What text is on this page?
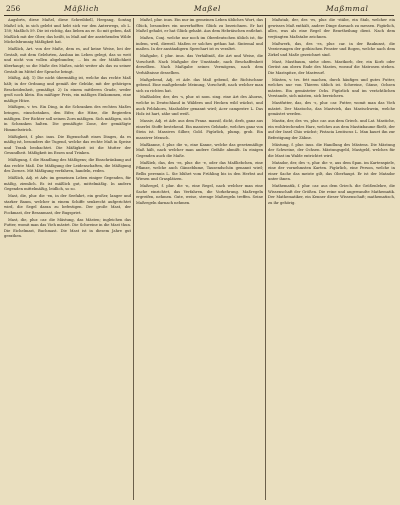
256	Mäßlich	Maßel	Maßmmal

Augsbrts, diese Maßel, diese Schreibbell, Hergang, Sontag Maßel ich, in sich gelebt und hebt sich vor den Anterwegs, ob L. 150; Maßlich 59. Die ist richtig, das lieben an er. So mit geben, daß Maßlich mit der Ober, das heißt, in Maß auf der anstehenden Wilde Michelsbrunnig Mäßigkeit hat.

Maßlich, Art. von der Maße, dem es, auf keine Weise, bei der Gestalt, mit dem Gelehrten, Ausbau im Leben gelegt, das so weit und nicht von vollen abgebunden; ... bis zu der Mäßlichkeit überhaupt; so die Maße des Maßes, nicht weiter als das zu seiner Gestalt im Mittel der Sprache bringt.

Mäßig, Adj. 1) Die nicht übermäßig ist, welche das rechte Maß hält; in der Ordnung und gemäß der Gebühr, mit der gehörigen Bescheidenheit, gemäßigt. 2) In einem mittleren Grade, weder groß noch klein. Ein mäßiger Preis, ein mäßiges Einkommen, eine mäßige Hitze.

Mäßigen, v. trs. Ein Ding, in die Schranken des rechten Maßes bringen, einschränken, den Eifer, die Hitze, die Begierden mäßigen. Der Richter soll seinen Zorn mäßigen. Sich mäßigen, sich in Schranken halten. Die gemäßigte Zone, der gemäßigte Himmelsstrich.

Mäßigkeit, f. plur. inus. Die Eigenschaft eines Dinges, da es mäßig ist, besonders die Tugend, welche das rechte Maß in Speise und Trank beobachtet. Die Mäßigkeit ist die Mutter der Gesundheit. Mäßigkeit im Essen und Trinken.

Mäßigung, f. die Handlung des Mäßigens; die Einschränkung auf das rechte Maß. Die Mäßigung der Leidenschaften, die Mäßigung des Zornes. Mit Mäßigung verfahren, handeln, reden.

Mäßlich, Adj. et Adv. im gemeinen Leben einiger Gegenden, für mäßig, ziemlich. Es ist mäßlich gut, mittelmäßig. In andern Gegenden mittelmäßig, leidlich, so so.

Mast, die, plur. die -en, in der Seefahrt, ein großer, langer und starker Baum, welcher in einem Schiffe senkrecht aufgerichtet wird, die Segel daran zu befestigen. Der große Mast, der Fockmast, der Besanmast, der Bugspriet.

Mast, die, plur. car. die Mästung, das Mästen; ingleichen das Futter, womit man das Vieh mästet. Die Schweine in die Mast thun. Die Eichelmast, Buchmast. Die Mast ist in diesem Jahre gut gerathen.

Maßel, plur. inus. Ein nur im gemeinen Leben übliches Wort, das Glück, besonders ein unverhofftes Glück zu bezeichnen. Er hat Maßel gehabt, er hat Glück gehabt. Aus dem Hebräischen entlehnt.

Maßen, Conj. welche nur noch im Oberdeutschen üblich ist, für indem, weil, dieweil. Maßen er solches gethan hat. Sintemal und maßen. In der anständigern Sprechart ist es veraltet.

Maßgabe, f. plur. inus. das Verhältniß, die Art und Weise, die Vorschrift. Nach Maßgabe der Umstände, nach Beschaffenheit derselben. Nach Maßgabe seines Vermögens, nach dem Verhältnisse desselben.

Maßgebend, Adj. et Adv. das Maß gebend, die Richtschnur gebend. Eine maßgebende Meinung, Vorschrift, nach welcher man sich zu richten hat.

Maßholder, der, des -s, plur. ut nom. sing. eine Art des Ahorns, welche in Deutschland in Wäldern und Hecken wild wächst, und auch Feldahorn, Masholder genannt wird; Acer campestre L. Das Holz ist hart, zähe und weiß.

Massiv, Adj. et Adv. aus dem Franz. massif, dicht, derb, ganz aus einerlei Stoffe bestehend. Ein massives Gebäude, welches ganz von Stein ist. Massives Silber, Gold. Figürlich, plump, grob. Ein massiver Mensch.

Maßkanne, f. plur. die -n, eine Kanne, welche das gesetzmäßige Maß hält, nach welcher man andere Gefäße abmißt. In einigen Gegenden auch die Maße.

Maßlieb, das, des -es, plur. die -e, oder das Maßliebchen, eine Pflanze, welche auch Gänseblume, Tausendschön genannt wird; Bellis perennis L. Sie blühet vom Frühling bis in den Herbst auf Wiesen und Grasplätzen.

Maßregel, f. plur. die -n, eine Regel, nach welcher man eine Sache einrichtet, das Verfahren, die Vorkehrung. Maßregeln ergreifen, nehmen. Gute, weise, strenge Maßregeln treffen. Seine Maßregeln darnach nehmen.

Maßstab, der, des -es, plur. die -stäbe, ein Stab, welcher ein gewisses Maß enthält, andere Dinge darnach zu messen. Figürlich, alles, was als eine Regel der Beurtheilung dient. Nach dem verjüngten Maßstabe zeichnen.

Maßwerk, das, des -es, plur. car. in der Baukunst, die Verzierungen der gothischen Fenster und Bogen, welche nach dem Zirkel und Maße gezeichnet sind.

Mast, Mastbaum, siehe oben. Mastkorb, der, ein Korb oder Gerüst am obern Ende des Mastes, worauf die Matrosen stehen. Die Mastspitze, der Mastwurf.

Mästen, v. trs. fett machen, durch häufiges und gutes Futter, welches nur von Thieren üblich ist. Schweine, Gänse, Ochsen mästen. Ein gemästeter Ochs. Figürlich und im verächtlichen Verstande, sich mästen, sich bereichern.

Mastfutter, das, des -s, plur. car. Futter, womit man das Vieh mästet. Der Mastochs, das Mastvieh, das Mastschwein, welche gemästet werden.

Mastix, der, des -es, plur. car. aus dem Griech. und Lat. Mastiche, ein wohlriechendes Harz, welches aus dem Mastixbaume fließt, der auf der Insel Chio wächst; Pistacia Lentiscus L. Man kauet ihn zur Befestigung der Zähne.

Mästung, f. plur. inus. die Handlung des Mästens. Die Mästung der Schweine, der Ochsen. Mästungsgeld, Mastgeld, welches für die Mast im Walde entrichtet wird.

Matador, der, des -s, plur. die -e, aus dem Span. im Kartenspiele, eine der vornehmsten Karten. Figürlich, eine Person, welche in einer Sache das meiste gilt, das Oberhaupt. Er ist der Matador unter ihnen.

Mathematik, f. plur. car. aus dem Griech. die Größenlehre, die Wissenschaft der Größen. Die reine und angewandte Mathematik. Der Mathematiker, ein Kenner dieser Wissenschaft; mathematisch, zu ihr gehörig.
